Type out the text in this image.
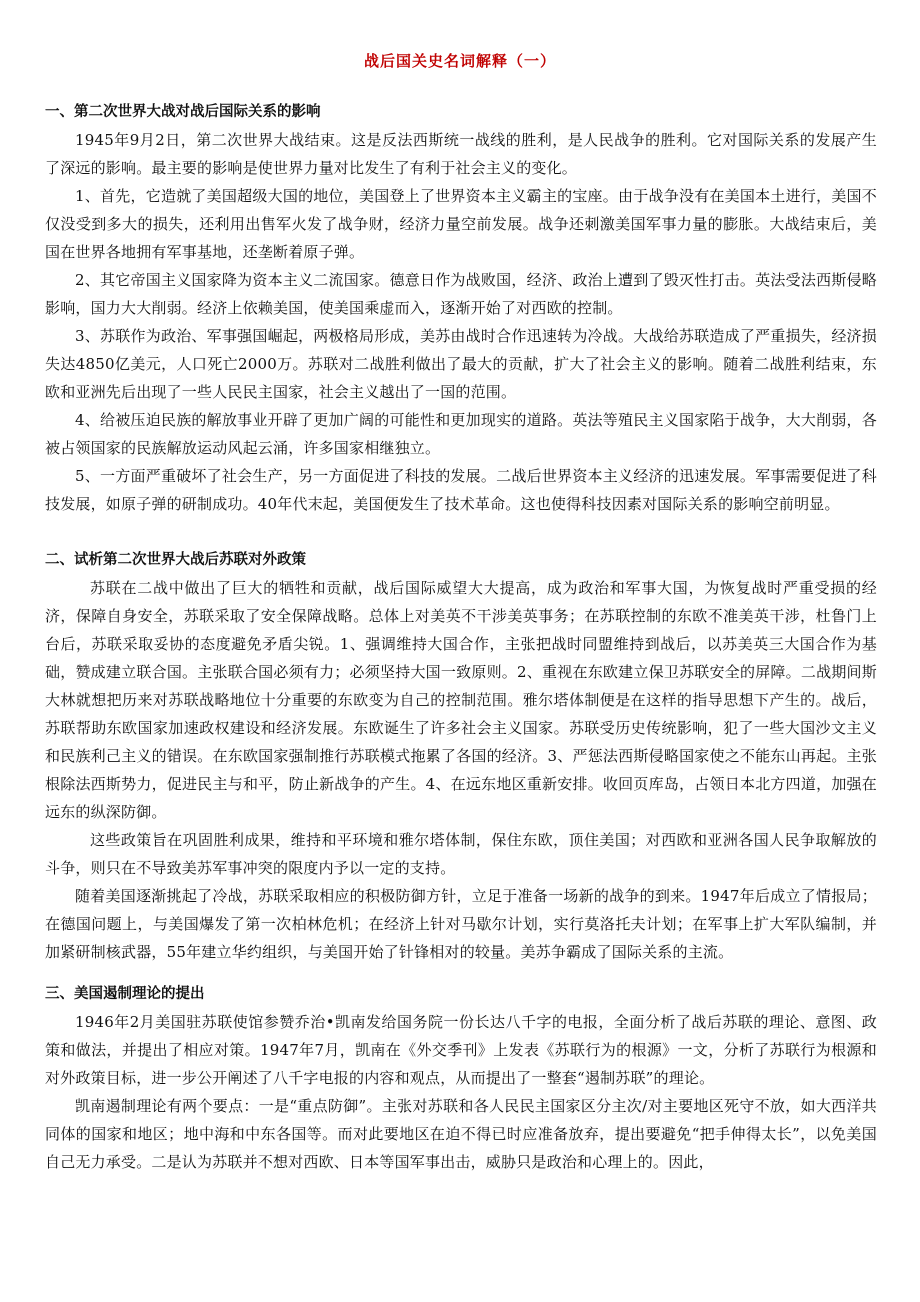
战后国关史名词解释（一）
一、第二次世界大战对战后国际关系的影响

1945年9月2日，第二次世界大战结束。这是反法西斯统一战线的胜利，是人民战争的胜利。它对国际关系的发展产生了深远的影响。最主要的影响是使世界力量对比发生了有利于社会主义的变化。

1、首先，它造就了美国超级大国的地位，美国登上了世界资本主义霸主的宝座。由于战争没有在美国本土进行，美国不仅没受到多大的损失，还利用出售军火发了战争财，经济力量空前发展。战争还刺激美国军事力量的膨胀。大战结束后，美国在世界各地拥有军事基地，还垄断着原子弹。

2、其它帝国主义国家降为资本主义二流国家。德意日作为战败国，经济、政治上遭到了毁灭性打击。英法受法西斯侵略影响，国力大大削弱。经济上依赖美国，使美国乘虚而入，逐渐开始了对西欧的控制。

3、苏联作为政治、军事强国崛起，两极格局形成，美苏由战时合作迅速转为冷战。大战给苏联造成了严重损失，经济损失达4850亿美元，人口死亡2000万。苏联对二战胜利做出了最大的贡献，扩大了社会主义的影响。随着二战胜利结束，东欧和亚洲先后出现了一些人民民主国家，社会主义越出了一国的范围。

4、给被压迫民族的解放事业开辟了更加广阔的可能性和更加现实的道路。英法等殖民主义国家陷于战争，大大削弱，各被占领国家的民族解放运动风起云涌，许多国家相继独立。

5、一方面严重破坏了社会生产，另一方面促进了科技的发展。二战后世界资本主义经济的迅速发展。军事需要促进了科技发展，如原子弹的研制成功。40年代末起，美国便发生了技术革命。这也使得科技因素对国际关系的影响空前明显。

二、试析第二次世界大战后苏联对外政策

苏联在二战中做出了巨大的牺牲和贡献，战后国际威望大大提高，成为政治和军事大国，为恢复战时严重受损的经济，保障自身安全，苏联采取了安全保障战略。总体上对美英不干涉美英事务；在苏联控制的东欧不准美英干涉，杜鲁门上台后，苏联采取妥协的态度避免矛盾尖锐。1、强调维持大国合作，主张把战时同盟维持到战后，以苏美英三大国合作为基础，赞成建立联合国。主张联合国必须有力；必须坚持大国一致原则。2、重视在东欧建立保卫苏联安全的屏障。二战期间斯大林就想把历来对苏联战略地位十分重要的东欧变为自己的控制范围。雅尔塔体制便是在这样的指导思想下产生的。战后，苏联帮助东欧国家加速政权建设和经济发展。东欧诞生了许多社会主义国家。苏联受历史传统影响，犯了一些大国沙文主义和民族利己主义的错误。在东欧国家强制推行苏联模式拖累了各国的经济。3、严惩法西斯侵略国家使之不能东山再起。主张根除法西斯势力，促进民主与和平，防止新战争的产生。4、在远东地区重新安排。收回页库岛，占领日本北方四道，加强在远东的纵深防御。

这些政策旨在巩固胜利成果，维持和平环境和雅尔塔体制，保住东欧，顶住美国；对西欧和亚洲各国人民争取解放的斗争，则只在不导致美苏军事冲突的限度内予以一定的支持。

随着美国逐渐挑起了冷战，苏联采取相应的积极防御方针，立足于准备一场新的战争的到来。1947年后成立了情报局；在德国问题上，与美国爆发了第一次柏林危机；在经济上针对马歇尔计划，实行莫洛托夫计划；在军事上扩大军队编制，并加紧研制核武器，55年建立华约组织，与美国开始了针锋相对的较量。美苏争霸成了国际关系的主流。

三、美国遏制理论的提出

1946年2月美国驻苏联使馆参赞乔治•凯南发给国务院一份长达八千字的电报，全面分析了战后苏联的理论、意图、政策和做法，并提出了相应对策。1947年7月，凯南在《外交季刊》上发表《苏联行为的根源》一文，分析了苏联行为根源和对外政策目标，进一步公开阐述了八千字电报的内容和观点，从而提出了一整套“遏制苏联”的理论。

凯南遏制理论有两个要点：一是“重点防御”。主张对苏联和各人民民主国家区分主次/对主要地区死守不放，如大西洋共同体的国家和地区；地中海和中东各国等。而对此要地区在迫不得已时应准备放弃，提出要避免“把手伸得太长”，以免美国自己无力承受。二是认为苏联并不想对西欧、日本等国军事出击，威胁只是政治和心理上的。因此，
